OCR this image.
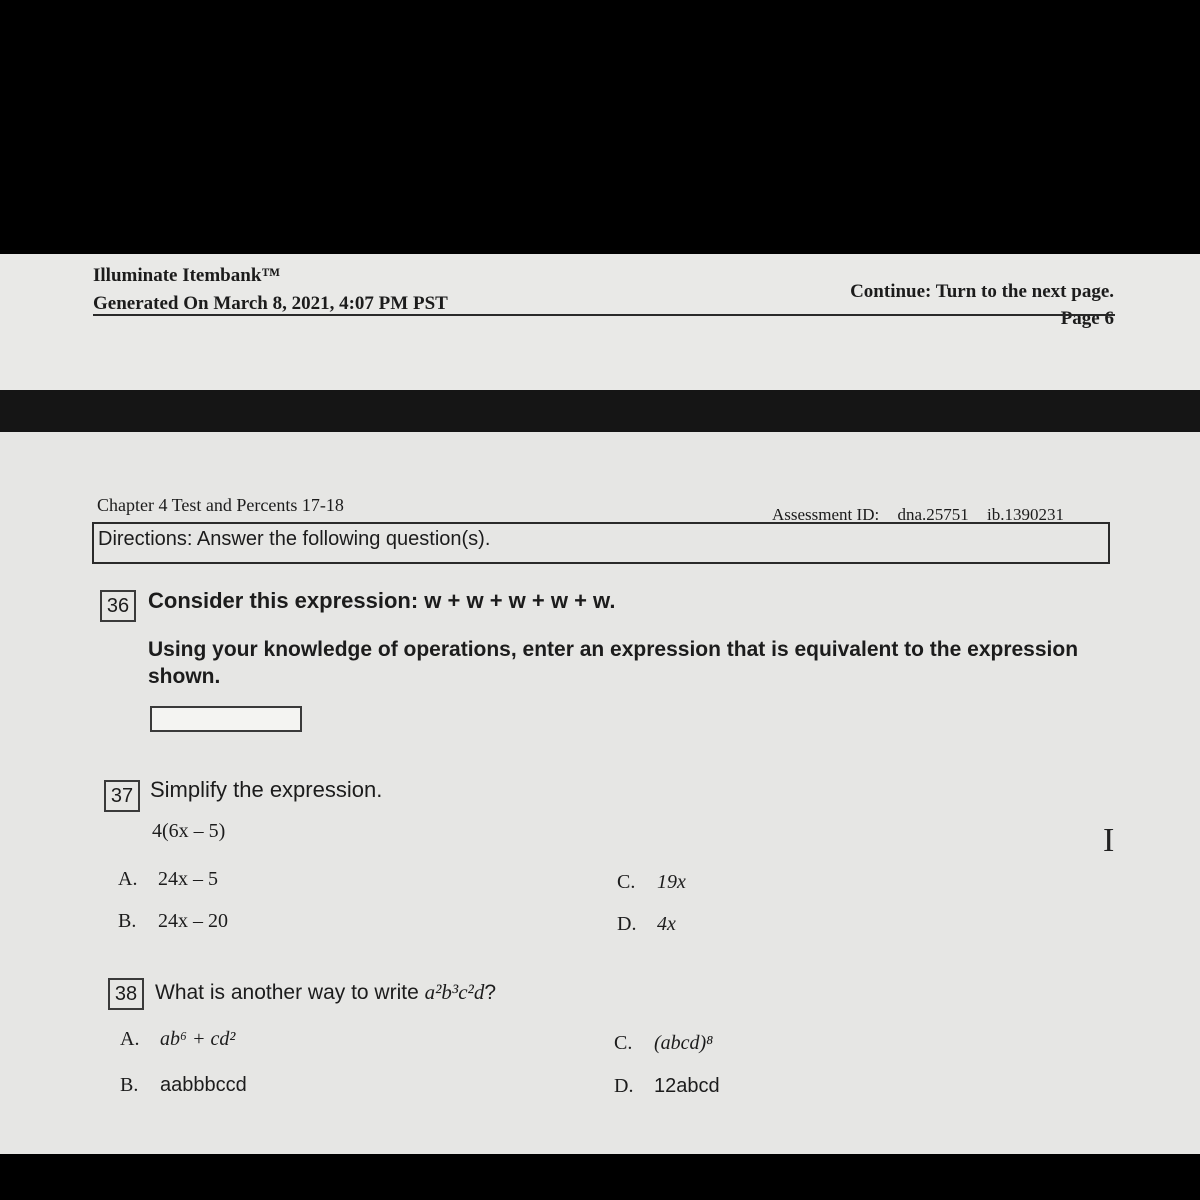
Illuminate Itembank™
Generated On March 8, 2021, 4:07 PM PST
Continue: Turn to the next page.
Page 6
Chapter 4 Test and Percents 17-18	Assessment ID: dna.25751 ib.1390231
Directions: Answer the following question(s).
36 Consider this expression: w + w + w + w + w.
Using your knowledge of operations, enter an expression that is equivalent to the expression shown.
37 Simplify the expression.
4(6x – 5)
A. 24x – 5
B. 24x – 20
C. 19x
D. 4x
I
38 What is another way to write a²b³c²d?
A. ab⁶ + cd²
B. aabbbccd
C. (abcd)⁸
D. 12abcd
